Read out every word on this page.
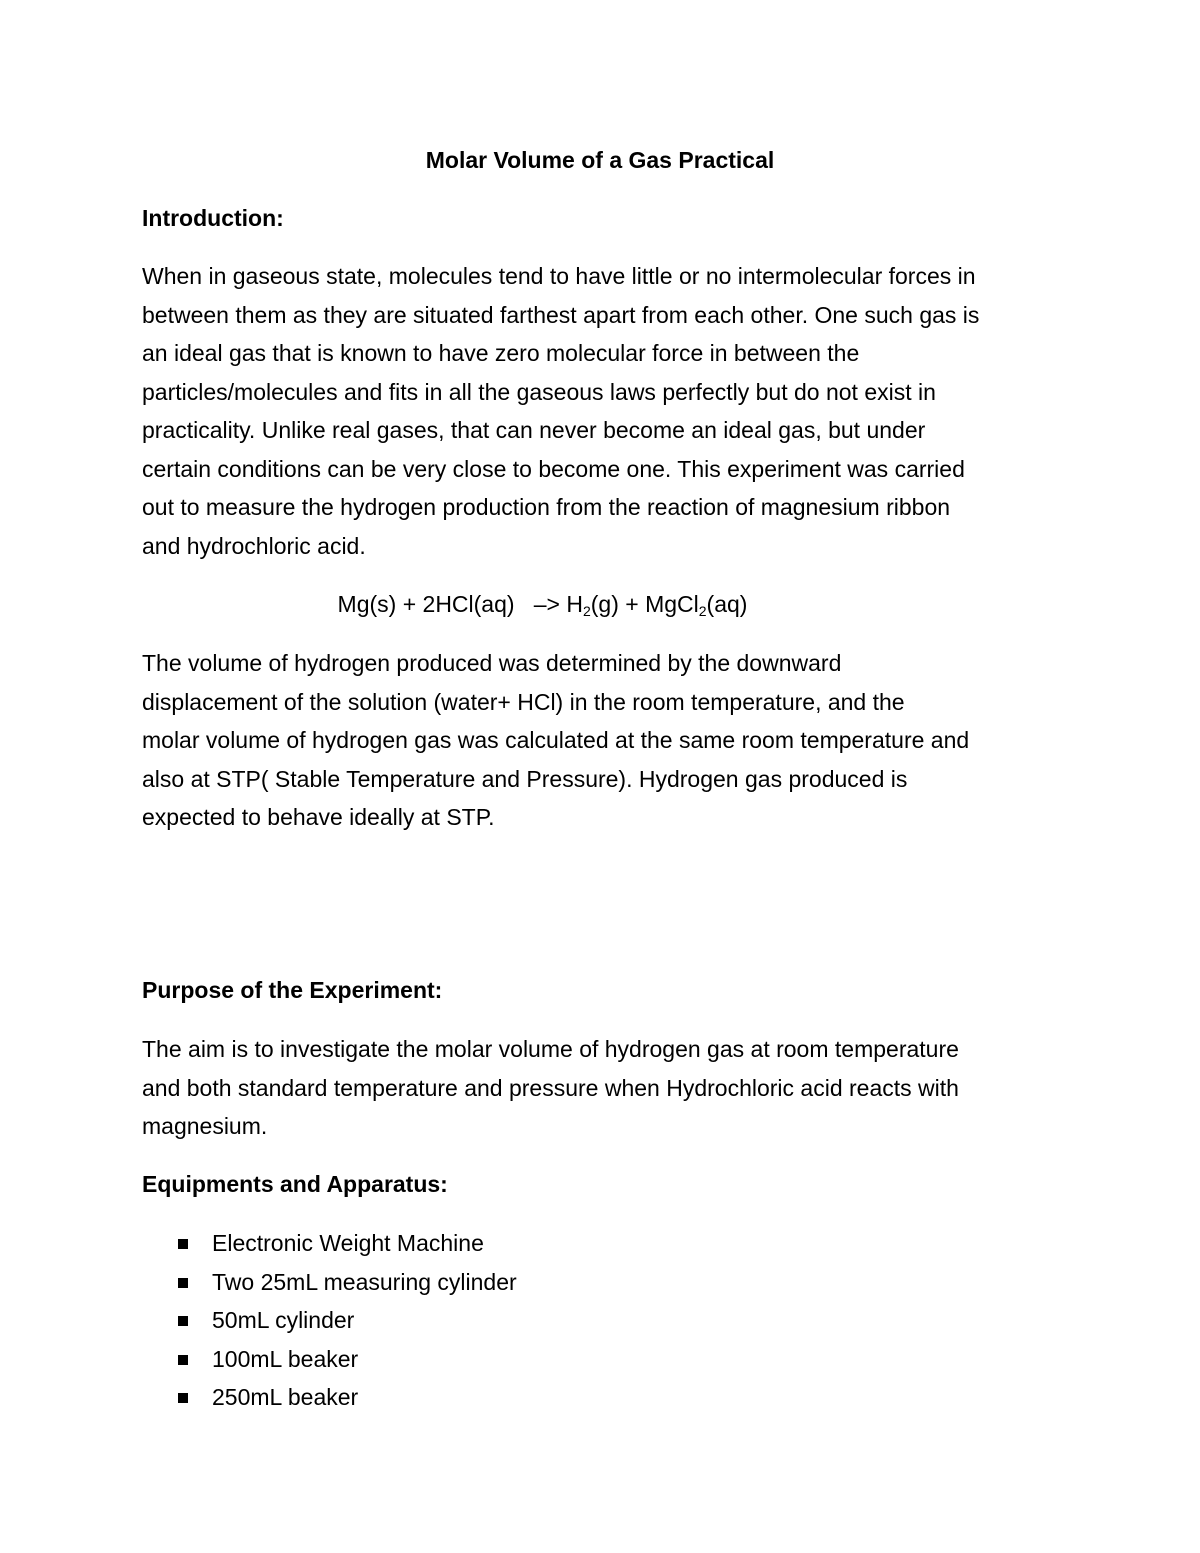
Molar Volume of a Gas Practical
Introduction:

When in gaseous state, molecules tend to have little or no intermolecular forces in
between them as they are situated farthest apart from each other. One such gas is
an ideal gas that is known to have zero molecular force in between the
particles/molecules and fits in all the gaseous laws perfectly but do not exist in
practicality. Unlike real gases, that can never become an ideal gas, but under
certain conditions can be very close to become one. This experiment was carried
out to measure the hydrogen production from the reaction of magnesium ribbon
and hydrochloric acid.

$Mg(s) + 2HCl(aq) -> H_2(g)$ + MgCl$_2$(aq)

The volume of hydrogen produced was determined by the downward
displacement of the solution (water+ HCl) in the room temperature, and the
molar volume of hydrogen gas was calculated at the same room temperature and
also at STP( Stable Temperature and Pressure). Hydrogen gas produced is
expected to behave ideally at STP.

Purpose of the Experiment:

The aim is to investigate the molar volume of hydrogen gas at room temperature
and both standard temperature and pressure when Hydrochloric acid reacts with
magnesium.

Equipments and Apparatus:
Electronic Weight Machine
Two 25mL measuring cylinder
50mL cylinder
100mL beaker
250mL beaker
